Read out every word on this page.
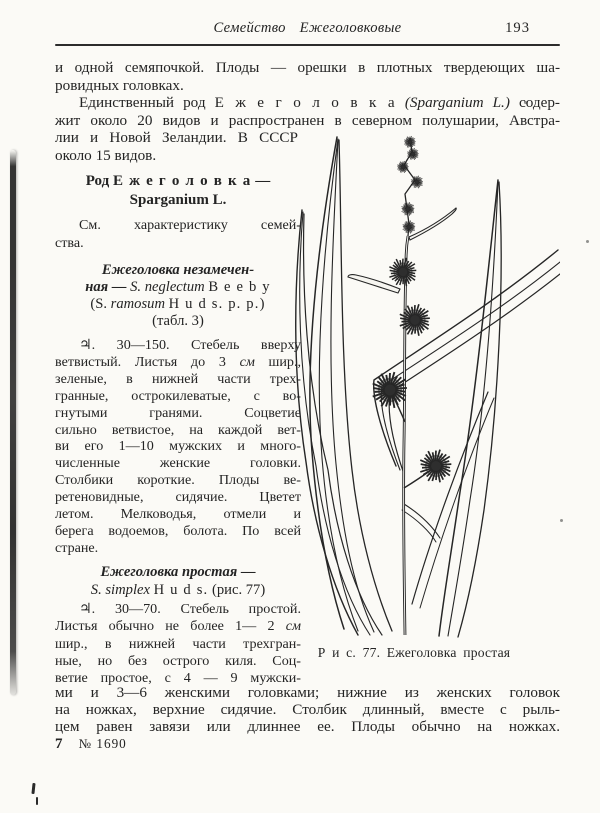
Семейство Ежеголовковые	193
и одной семяпочкой. Плоды — орешки в плотных твердеющих ша-
ровидных головках.
Единственный род Е ж е г о л о в к а (Sparganium L.) содер-
жит около 20 видов и распространен в северном полушарии, Австра-
лии и Новой Зеландии. В СССР
около 15 видов.
Род Е ж е г о л о в к а —
Sparganium L.
См. характеристику семей-
ства.
Ежеголовка незамечен-
ная — S. neglectum B e e b y
(S. ramosum H u d s. p. p.)
(табл. 3)
♃. 30—150. Стебель вверху
ветвистый. Листья до 3 см шир.,
зеленые, в нижней части трех-
гранные, острокилеватые, с во-
гнутыми гранями. Соцветие
сильно ветвистое, на каждой вет-
ви его 1—10 мужских и много-
численные женские головки.
Столбики короткие. Плоды ве-
ретеновидные, сидячие. Цветет
летом. Мелководья, отмели и
берега водоемов, болота. По всей
стране.
Ежеголовка простая —
S. simplex H u d s. (рис. 77)
♃. 30—70. Стебель простой.
Листья обычно не более 1— 2 см
шир., в нижней части трехгран-
ные, но без острого киля. Соц-
ветие простое, с 4 — 9 мужски-
Р и с. 77. Ежеголовка простая
ми и 3—6 женскими головками; нижние из женских головок
на ножках, верхние сидячие. Столбик длинный, вместе с рыль-
цем равен завязи или длиннее ее. Плоды обычно на ножках.
7 № 1690
